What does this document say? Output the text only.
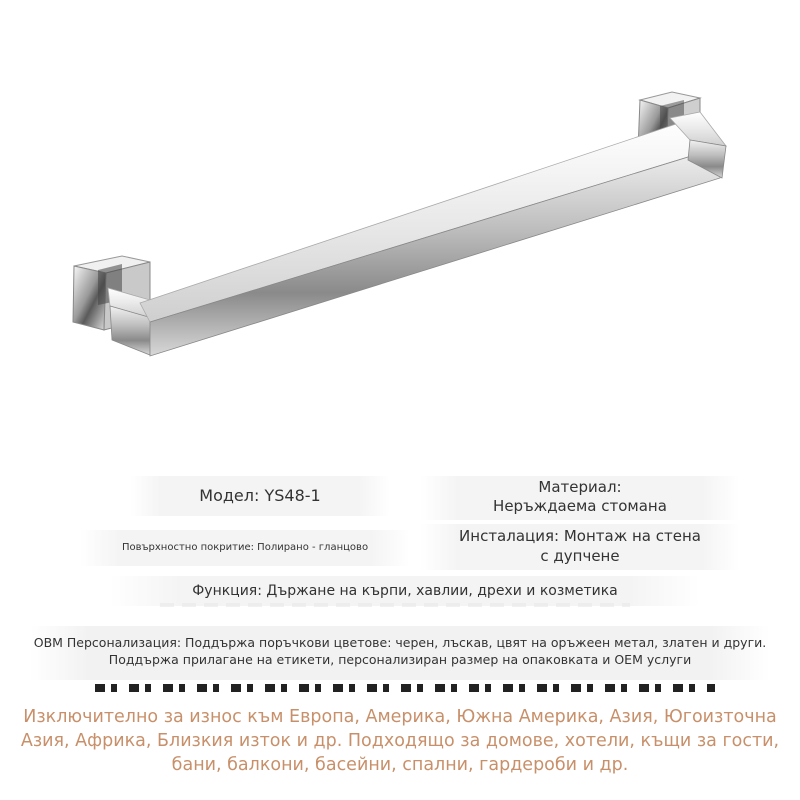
Модел: YS48-1	Материал:
Неръждаема стомана
Повърхностно покритие: Полирано - гланцово
Инсталация: Монтаж на стена
с дупчене
Функция: Държане на кърпи, хавлии, дрехи и козметика
OBM Персонализация: Поддържа поръчкови цветове: черен, лъскав, цвят на оръжеен метал, златен и други. Поддържа прилагане на етикети, персонализиран размер на опаковката и OEM услуги
Изключително за износ към Европа, Америка, Южна Америка, Азия, Югоизточна Азия, Африка, Близкия изток и др. Подходящо за домове, хотели, къщи за гости, бани, балкони, басейни, спални, гардероби и др.
